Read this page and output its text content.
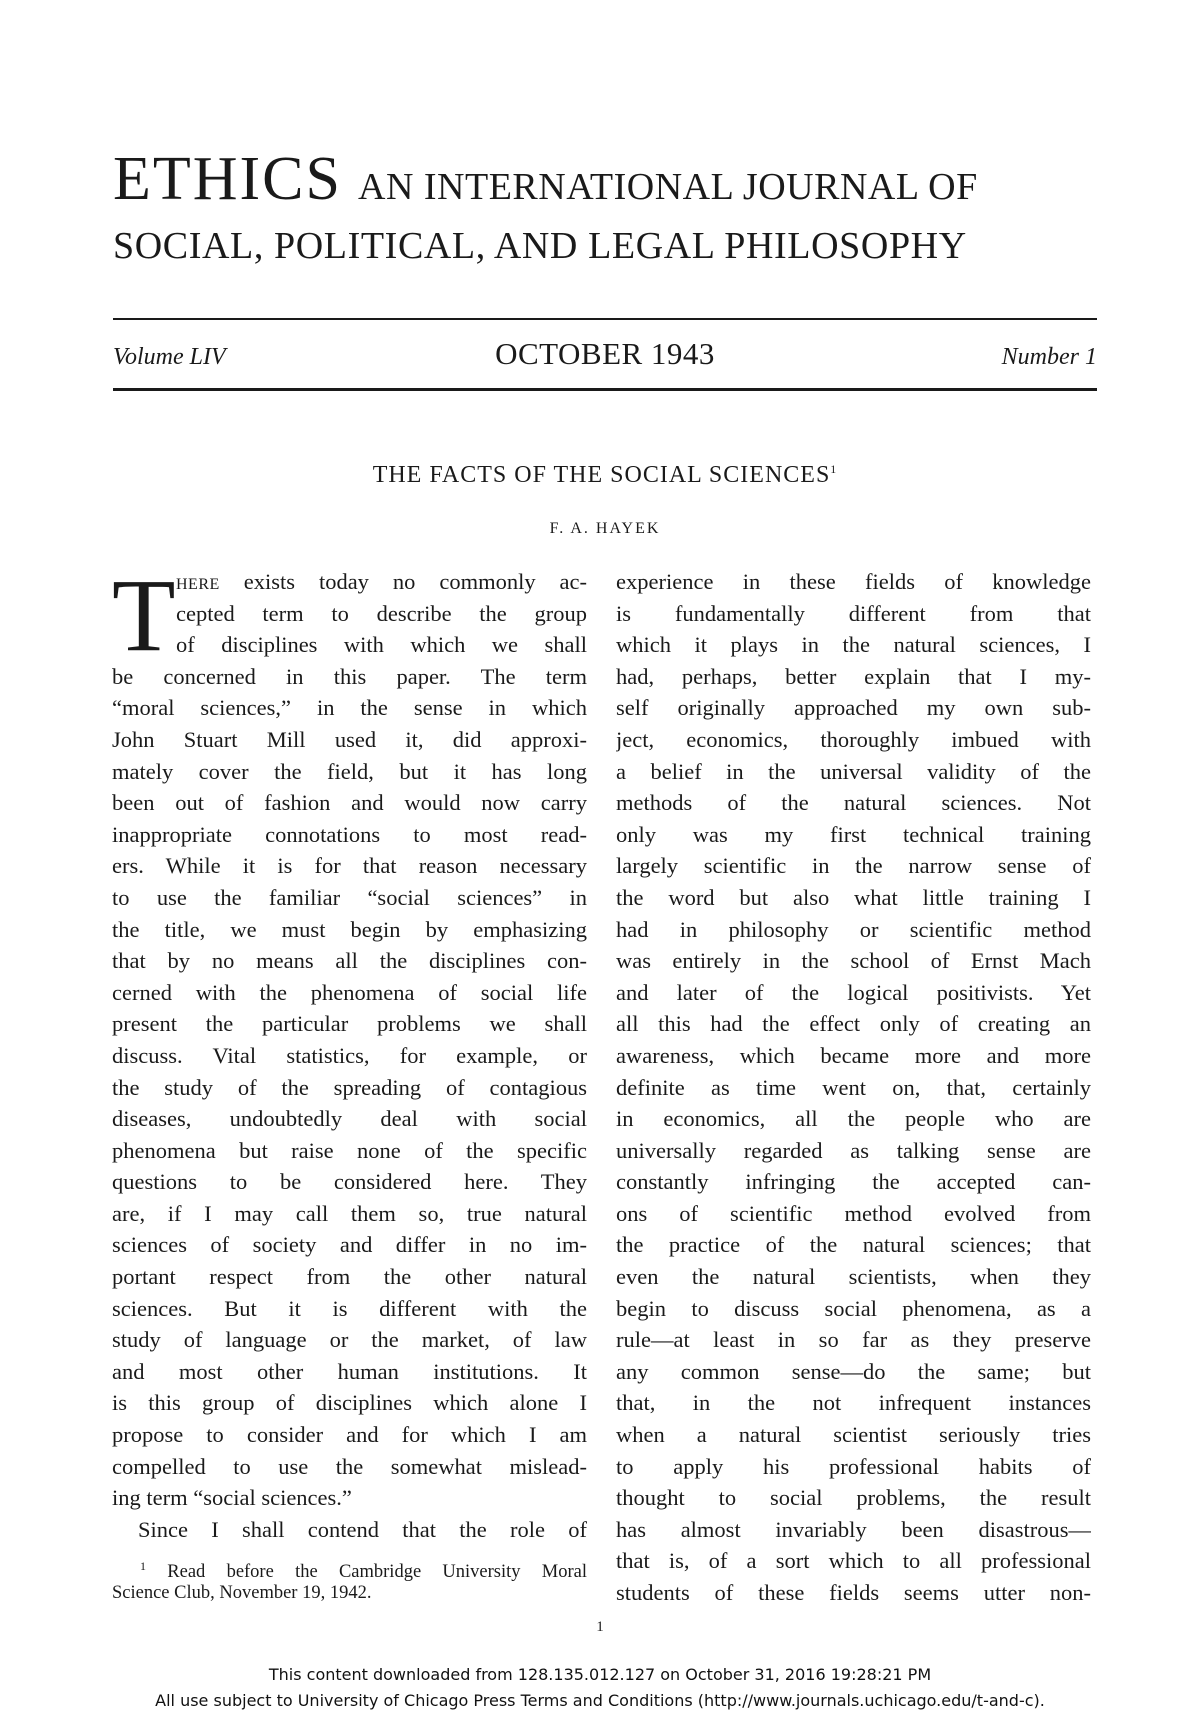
ETHICS AN INTERNATIONAL JOURNAL OF
SOCIAL, POLITICAL, AND LEGAL PHILOSOPHY
Volume LIV	OCTOBER 1943	Number 1
THE FACTS OF THE SOCIAL SCIENCES$^1$
F. A. HAYEK
T here exists today no commonly ac-
cepted term to describe the group
of disciplines with which we shall
be concerned in this paper. The term
“moral sciences,” in the sense in which
John Stuart Mill used it, did approxi-
mately cover the field, but it has long
been out of fashion and would now carry
inappropriate connotations to most read-
ers. While it is for that reason necessary
to use the familiar “social sciences” in
the title, we must begin by emphasizing
that by no means all the disciplines con-
cerned with the phenomena of social life
present the particular problems we shall
discuss. Vital statistics, for example, or
the study of the spreading of contagious
diseases, undoubtedly deal with social
phenomena but raise none of the specific
questions to be considered here. They
are, if I may call them so, true natural
sciences of society and differ in no im-
portant respect from the other natural
sciences. But it is different with the
study of language or the market, of law
and most other human institutions. It
is this group of disciplines which alone I
propose to consider and for which I am
compelled to use the somewhat mislead-
ing term “social sciences.”
Since I shall contend that the role of
$^1$ Read before the Cambridge University Moral
Science Club, November 19, 1942.
experience in these fields of knowledge
is fundamentally different from that
which it plays in the natural sciences, I
had, perhaps, better explain that I my-
self originally approached my own sub-
ject, economics, thoroughly imbued with
a belief in the universal validity of the
methods of the natural sciences. Not
only was my first technical training
largely scientific in the narrow sense of
the word but also what little training I
had in philosophy or scientific method
was entirely in the school of Ernst Mach
and later of the logical positivists. Yet
all this had the effect only of creating an
awareness, which became more and more
definite as time went on, that, certainly
in economics, all the people who are
universally regarded as talking sense are
constantly infringing the accepted can-
ons of scientific method evolved from
the practice of the natural sciences; that
even the natural scientists, when they
begin to discuss social phenomena, as a
rule—at least in so far as they preserve
any common sense—do the same; but
that, in the not infrequent instances
when a natural scientist seriously tries
to apply his professional habits of
thought to social problems, the result
has almost invariably been disastrous—
that is, of a sort which to all professional
students of these fields seems utter non-
1
This content downloaded from 128.135.012.127 on October 31, 2016 19:28:21 PM
All use subject to University of Chicago Press Terms and Conditions (http://www.journals.uchicago.edu/t-and-c).
